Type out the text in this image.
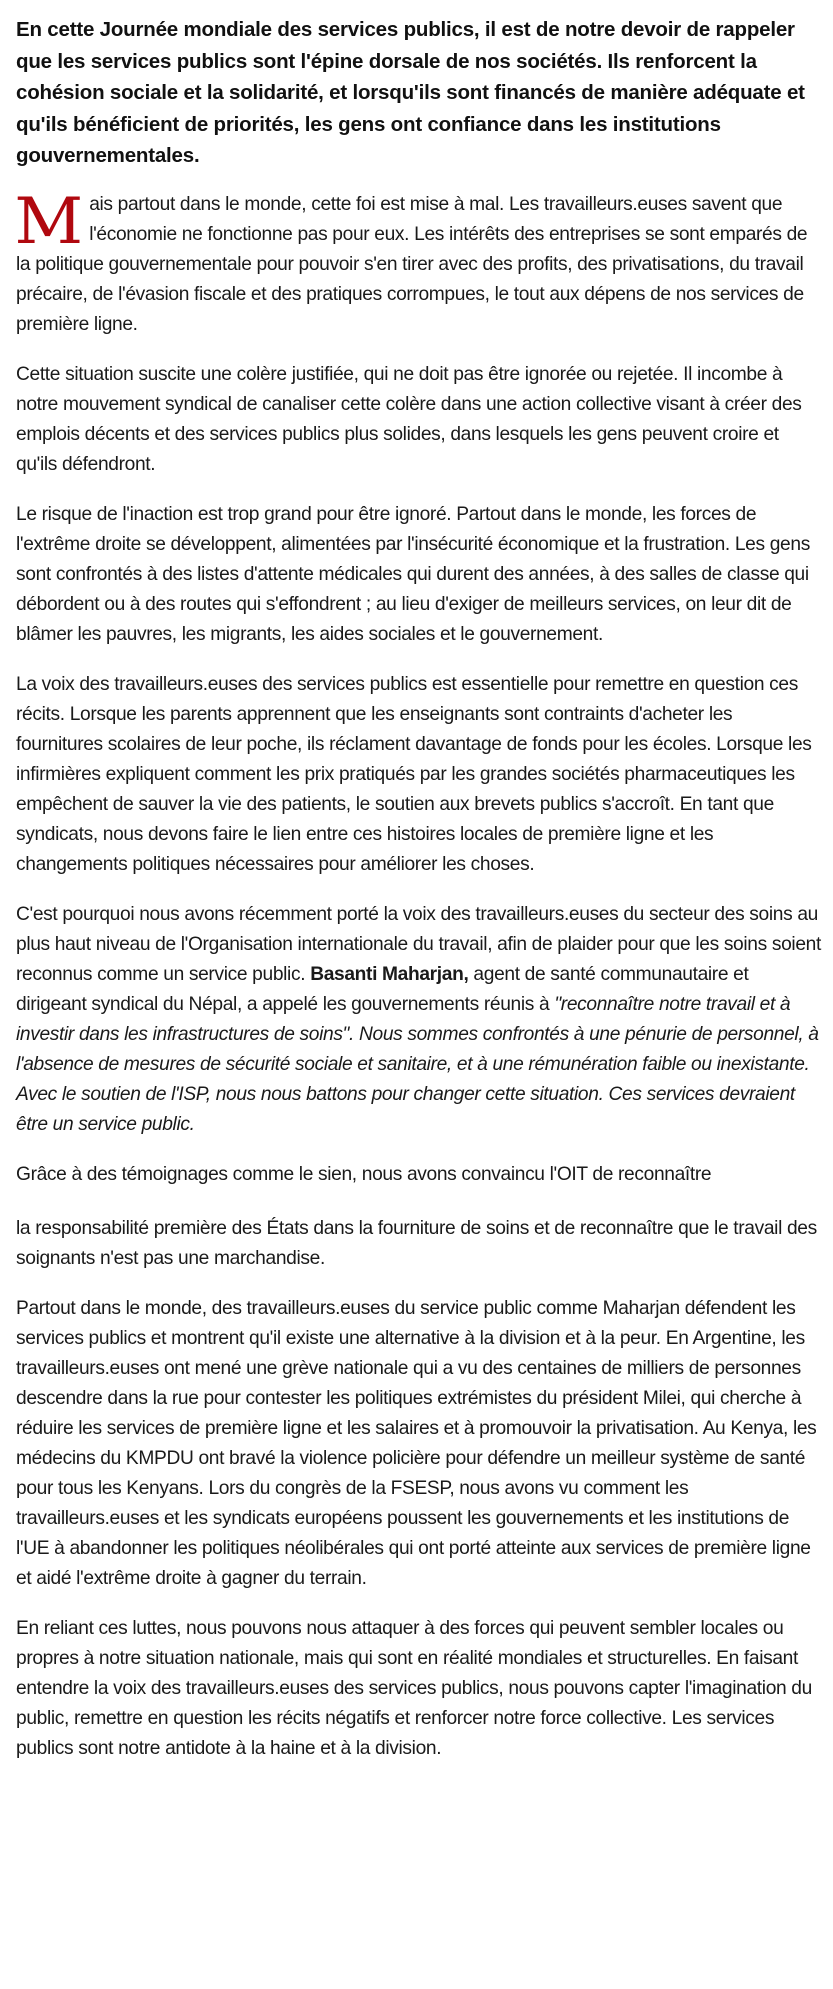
En cette Journée mondiale des services publics, il est de notre devoir de rappeler que les services publics sont l'épine dorsale de nos sociétés. Ils renforcent la cohésion sociale et la solidarité, et lorsqu'ils sont financés de manière adéquate et qu'ils bénéficient de priorités, les gens ont confiance dans les institutions gouvernementales.

Mais partout dans le monde, cette foi est mise à mal. Les travailleurs.euses savent que l'économie ne fonctionne pas pour eux. Les intérêts des entreprises se sont emparés de la politique gouvernementale pour pouvoir s'en tirer avec des profits, des privatisations, du travail précaire, de l'évasion fiscale et des pratiques corrompues, le tout aux dépens de nos services de première ligne.

Cette situation suscite une colère justifiée, qui ne doit pas être ignorée ou rejetée. Il incombe à notre mouvement syndical de canaliser cette colère dans une action collective visant à créer des emplois décents et des services publics plus solides, dans lesquels les gens peuvent croire et qu'ils défendront.

Le risque de l'inaction est trop grand pour être ignoré. Partout dans le monde, les forces de l'extrême droite se développent, alimentées par l'insécurité économique et la frustration. Les gens sont confrontés à des listes d'attente médicales qui durent des années, à des salles de classe qui débordent ou à des routes qui s'effondrent ; au lieu d'exiger de meilleurs services, on leur dit de blâmer les pauvres, les migrants, les aides sociales et le gouvernement.

La voix des travailleurs.euses des services publics est essentielle pour remettre en question ces récits. Lorsque les parents apprennent que les enseignants sont contraints d'acheter les fournitures scolaires de leur poche, ils réclament davantage de fonds pour les écoles. Lorsque les infirmières expliquent comment les prix pratiqués par les grandes sociétés pharmaceutiques les empêchent de sauver la vie des patients, le soutien aux brevets publics s'accroît. En tant que syndicats, nous devons faire le lien entre ces histoires locales de première ligne et les changements politiques nécessaires pour améliorer les choses.

C'est pourquoi nous avons récemment porté la voix des travailleurs.euses du secteur des soins au plus haut niveau de l'Organisation internationale du travail, afin de plaider pour que les soins soient reconnus comme un service public. Basanti Maharjan, agent de santé communautaire et dirigeant syndical du Népal, a appelé les gouvernements réunis à "reconnaître notre travail et à investir dans les infrastructures de soins". Nous sommes confrontés à une pénurie de personnel, à l'absence de mesures de sécurité sociale et sanitaire, et à une rémunération faible ou inexistante. Avec le soutien de l'ISP, nous nous battons pour changer cette situation. Ces services devraient être un service public.

Grâce à des témoignages comme le sien, nous avons convaincu l'OIT de reconnaître

la responsabilité première des États dans la fourniture de soins et de reconnaître que le travail des soignants n'est pas une marchandise.

Partout dans le monde, des travailleurs.euses du service public comme Maharjan défendent les services publics et montrent qu'il existe une alternative à la division et à la peur. En Argentine, les travailleurs.euses ont mené une grève nationale qui a vu des centaines de milliers de personnes descendre dans la rue pour contester les politiques extrémistes du président Milei, qui cherche à réduire les services de première ligne et les salaires et à promouvoir la privatisation. Au Kenya, les médecins du KMPDU ont bravé la violence policière pour défendre un meilleur système de santé pour tous les Kenyans. Lors du congrès de la FSESP, nous avons vu comment les travailleurs.euses et les syndicats européens poussent les gouvernements et les institutions de l'UE à abandonner les politiques néolibérales qui ont porté atteinte aux services de première ligne et aidé l'extrême droite à gagner du terrain.

En reliant ces luttes, nous pouvons nous attaquer à des forces qui peuvent sembler locales ou propres à notre situation nationale, mais qui sont en réalité mondiales et structurelles. En faisant entendre la voix des travailleurs.euses des services publics, nous pouvons capter l'imagination du public, remettre en question les récits négatifs et renforcer notre force collective. Les services publics sont notre antidote à la haine et à la division.
